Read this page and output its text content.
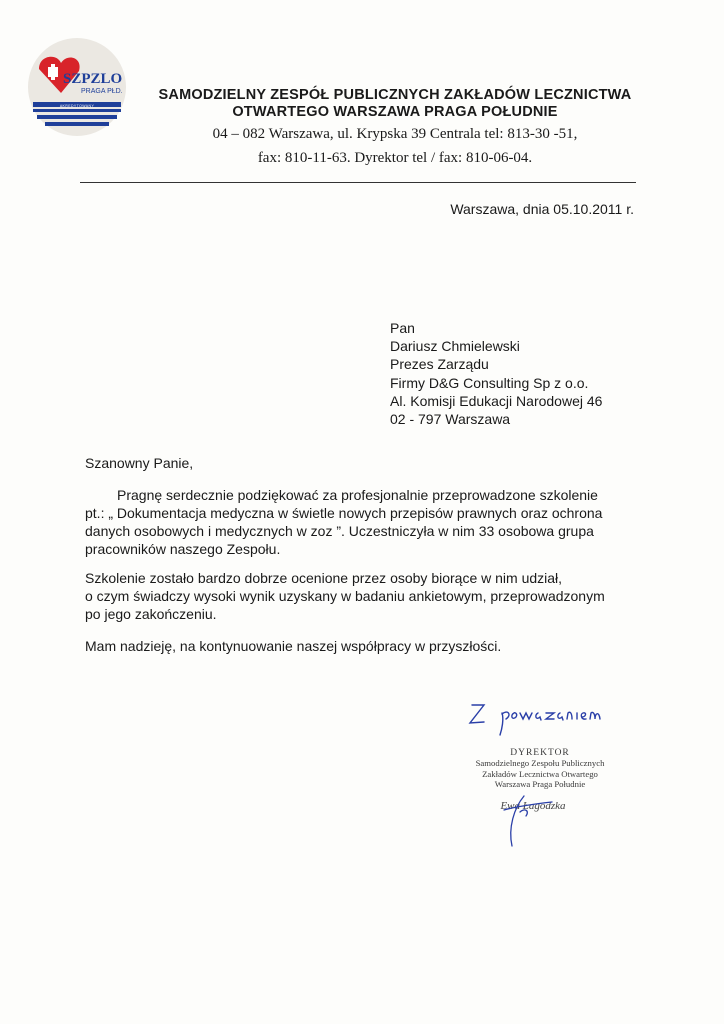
SZPZLO
PRAGA PŁD.
AKREDYTOWANY
SAMODZIELNY ZESPÓŁ PUBLICZNYCH ZAKŁADÓW LECZNICTWA
OTWARTEGO WARSZAWA PRAGA POŁUDNIE
04 – 082 Warszawa, ul. Krypska 39 Centrala tel: 813-30 -51,
fax: 810-11-63. Dyrektor tel / fax: 810-06-04.
Warszawa, dnia 05.10.2011 r.
Pan
Dariusz Chmielewski
Prezes Zarządu
Firmy D&G Consulting Sp z o.o.
Al. Komisji Edukacji Narodowej 46
02 - 797 Warszawa
Szanowny Panie,
Pragnę serdecznie podziękować za profesjonalnie przeprowadzone szkolenie
pt.: „ Dokumentacja medyczna w świetle nowych przepisów prawnych oraz ochrona
danych osobowych i medycznych w zoz ”. Uczestniczyła w nim 33 osobowa grupa
pracowników naszego Zespołu.
Szkolenie zostało bardzo dobrze ocenione przez osoby biorące w nim udział,
o czym świadczy wysoki wynik uzyskany w badaniu ankietowym, przeprowadzonym
po jego zakończeniu.
Mam nadzieję, na kontynuowanie naszej współpracy w przyszłości.
DYREKTOR
Samodzielnego Zespołu Publicznych
Zakładów Lecznictwa Otwartego
Warszawa Praga Południe
Ewa Łagodzka
